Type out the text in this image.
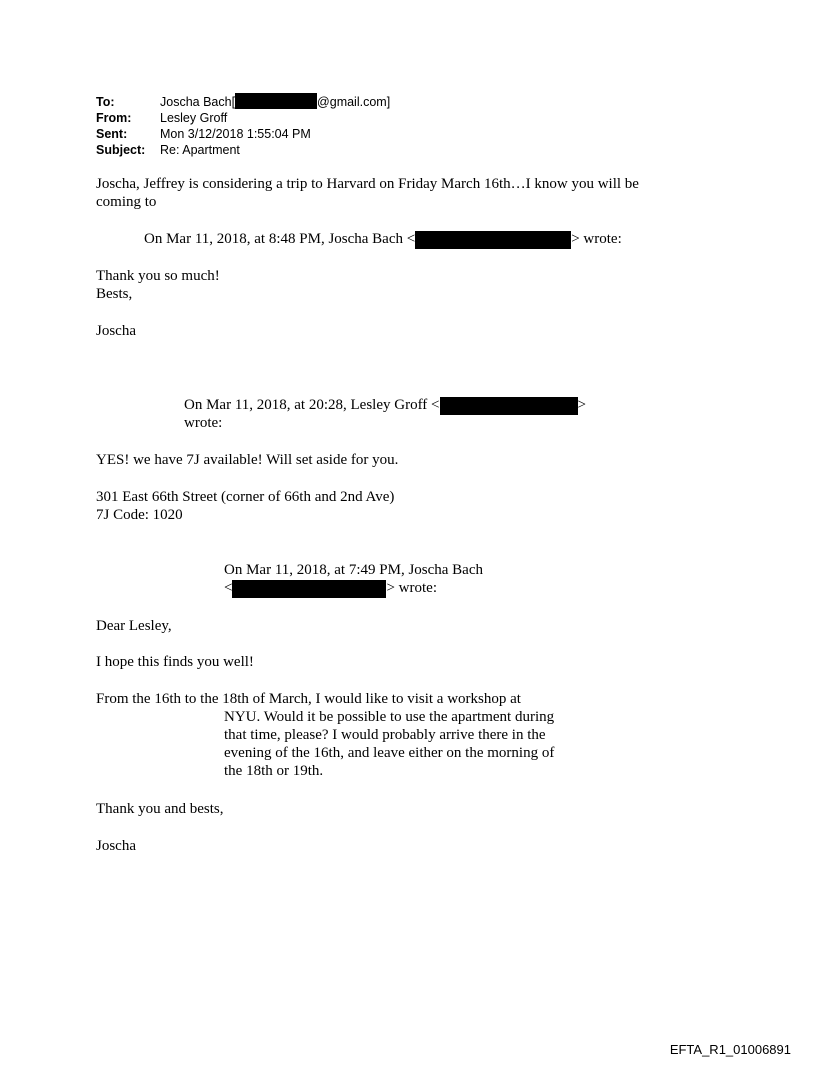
To:	Joscha Bach[	@gmail.com]
From: Lesley Groff
Sent:	Mon 3/12/2018 1:55:04 PM
Subject: Re: Apartment
Joscha, Jeffrey is considering a trip to Harvard on Friday March 16th…I know you will be
coming to
On Mar 11, 2018, at 8:48 PM, Joscha Bach <	> wrote:
Thank you so much!
Bests,
Joscha
On Mar 11, 2018, at 20:28, Lesley Groff <	>
wrote:
YES! we have 7J available! Will set aside for you.
301 East 66th Street (corner of 66th and 2nd Ave)
7J Code: 1020
On Mar 11, 2018, at 7:49 PM, Joscha Bach
<	> wrote:
Dear Lesley,
I hope this finds you well!
From the 16th to the 18th of March, I would like to visit a workshop at
NYU. Would it be possible to use the apartment during
that time, please? I would probably arrive there in the
evening of the 16th, and leave either on the morning of
the 18th or 19th.
Thank you and bests,
Joscha
EFTA_R1_01006891
